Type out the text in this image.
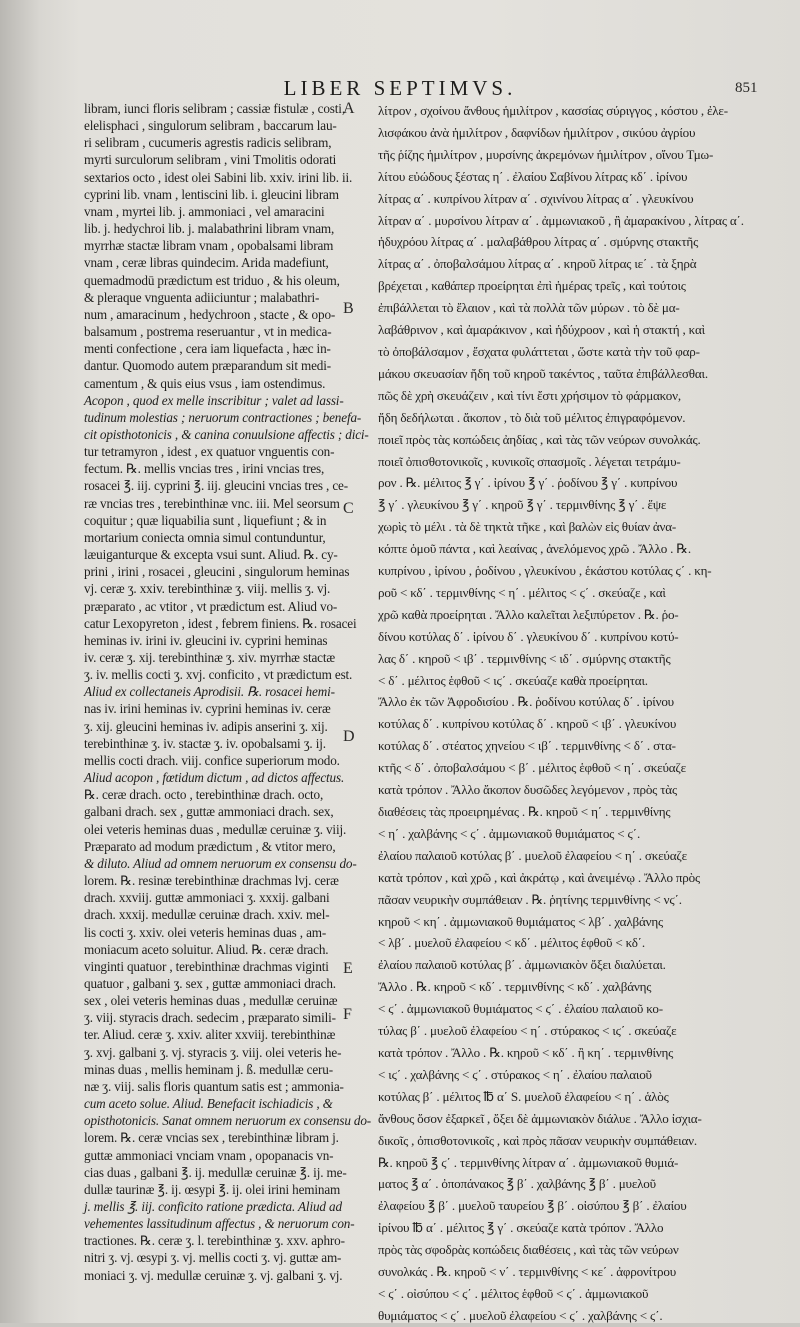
LIBER SEPTIMVS.	851
libram, iunci floris selibram ; cassiæ fistulæ , costi,
elelisphaci , singulorum selibram , baccarum lau-
ri selibram , cucumeris agrestis radicis selibram,
myrti surculorum selibram , vini Tmolitis odorati
sextarios octo , idest olei Sabini lib. xxiv. irini lib. ii.
cyprini lib. vnam , lentiscini lib. i. gleucini libram
vnam , myrtei lib. j. ammoniaci , vel amaracini
lib. j. hedychroi lib. j. malabathrini libram vnam,
myrrhæ stactæ libram vnam , opobalsami libram
vnam , ceræ libras quindecim. Arida madefiunt,
quemadmodū prædictum est triduo , & his oleum,
& pleraque vnguenta adiiciuntur ; malabathri-
num , amaracinum , hedychroon , stacte , & opo-
balsamum , postrema reseruantur , vt in medica-
menti confectione , cera iam liquefacta , hæc in-
dantur. Quomodo autem præparandum sit medi-
camentum , & quis eius vsus , iam ostendimus.
Acopon , quod ex melle inscribitur ; valet ad lassi-
tudinum molestias ; neruorum contractiones ; benefa-
cit opisthotonicis , & canina conuulsione affectis ; dici-
tur tetramyron , idest , ex quatuor vnguentis con-
fectum. ℞. mellis vncias tres , irini vncias tres,
rosacei ℥. iij. cyprini ℥. iij. gleucini vncias tres , ce-
ræ vncias tres , terebinthinæ vnc. iii. Mel seorsum
coquitur ; quæ liquabilia sunt , liquefiunt ; & in
mortarium coniecta omnia simul contunduntur,
læuiganturque & excepta vsui sunt. Aliud. ℞. cy-
prini , irini , rosacei , gleucini , singulorum heminas
vj. ceræ ʒ. xxiv. terebinthinæ ʒ. viij. mellis ʒ. vj.
præparato , ac vtitor , vt prædictum est. Aliud vo-
catur Lexopyreton , idest , febrem finiens. ℞. rosacei
heminas iv. irini iv. gleucini iv. cyprini heminas
iv. ceræ ʒ. xij. terebinthinæ ʒ. xiv. myrrhæ stactæ
ʒ. iv. mellis cocti ʒ. xvj. conficito , vt prædictum est.
Aliud ex collectaneis Aprodisii. ℞. rosacei hemi-
nas iv. irini heminas iv. cyprini heminas iv. ceræ
ʒ. xij. gleucini heminas iv. adipis anserini ʒ. xij.
terebinthinæ ʒ. iv. stactæ ʒ. iv. opobalsami ʒ. ij.
mellis cocti drach. viij. confice superiorum modo.
Aliud acopon , fœtidum dictum , ad dictos affectus.
℞. ceræ drach. octo , terebinthinæ drach. octo,
galbani drach. sex , guttæ ammoniaci drach. sex,
olei veteris heminas duas , medullæ ceruinæ ʒ. viij.
Præparato ad modum prædictum , & vtitor mero,
& diluto. Aliud ad omnem neruorum ex consensu do-
lorem. ℞. resinæ terebinthinæ drachmas lvj. ceræ
drach. xxviij. guttæ ammoniaci ʒ. xxxij. galbani
drach. xxxij. medullæ ceruinæ drach. xxiv. mel-
lis cocti ʒ. xxiv. olei veteris heminas duas , am-
moniacum aceto soluitur. Aliud. ℞. ceræ drach.
vinginti quatuor , terebinthinæ drachmas viginti
quatuor , galbani ʒ. sex , guttæ ammoniaci drach.
sex , olei veteris heminas duas , medullæ ceruinæ
ʒ. viij. styracis drach. sedecim , præparato simili-
ter. Aliud. ceræ ʒ. xxiv. aliter xxviij. terebinthinæ
ʒ. xvj. galbani ʒ. vj. styracis ʒ. viij. olei veteris he-
minas duas , mellis heminam j. ß. medullæ ceru-
næ ʒ. viij. salis floris quantum satis est ; ammonia-
cum aceto solue. Aliud. Benefacit ischiadicis , &
opisthotonicis. Sanat omnem neruorum ex consensu do-
lorem. ℞. ceræ vncias sex , terebinthinæ libram j.
guttæ ammoniaci vnciam vnam , opopanacis vn-
cias duas , galbani ℥. ij. medullæ ceruinæ ℥. ij. me-
dullæ taurinæ ℥. ij. œsypi ℥. ij. olei irini heminam
j. mellis ℥. iij. conficito ratione prædicta. Aliud ad
vehementes lassitudinum affectus , & neruorum con-
tractiones. ℞. ceræ ʒ. l. terebinthinæ ʒ. xxv. aphro-
nitri ʒ. vj. œsypi ʒ. vj. mellis cocti ʒ. vj. guttæ am-
moniaci ʒ. vj. medullæ ceruinæ ʒ. vj. galbani ʒ. vj.
λίτρον , σχοίνου ἄνθους ἡμιλίτρον , κασσίας σύριγγος , κόστου , ἐλε-
λισφάκου ἀνὰ ἡμιλίτρον , δαφνίδων ἡμιλίτρον , σικύου ἀγρίου
τῆς ῥίζης ἡμιλίτρον , μυρσίνης ἀκρεμόνων ἡμιλίτρον , οἴνου Τμω-
λίτου εὐώδους ξέστας η΄ . ἐλαίου Σαβίνου λίτρας κδ΄ . ἰρίνου
λίτρας α΄ . κυπρίνου λίτραν α΄ . σχινίνου λίτρας α΄ . γλευκίνου
λίτραν α΄ . μυρσίνου λίτραν α΄ . ἀμμωνιακοῦ , ἢ ἀμαρακίνου , λίτρας α΄.
ἡδυχρόου λίτρας α΄ . μαλαβάθρου λίτρας α΄ . σμύρνης στακτῆς
λίτρας α΄ . ὀποβαλσάμου λίτρας α΄ . κηροῦ λίτρας ιε΄ . τὰ ξηρὰ
βρέχεται , καθάπερ προείρηται ἐπὶ ἡμέρας τρεῖς , καὶ τούτοις
ἐπιβάλλεται τὸ ἔλαιον , καὶ τὰ πολλὰ τῶν μύρων . τὸ δὲ μα-
λαβάθρινον , καὶ ἀμαράκινον , καὶ ἡδύχροον , καὶ ἡ στακτή , καὶ
τὸ ὀποβάλσαμον , ἔσχατα φυλάττεται , ὥστε κατὰ τὴν τοῦ φαρ-
μάκου σκευασίαν ἤδη τοῦ κηροῦ τακέντος , ταῦτα ἐπιβάλλεσθαι.
πῶς δὲ χρὴ σκευάζειν , καὶ τίνι ἔστι χρήσιμον τὸ φάρμακον,
ἤδη δεδήλωται . ἄκοπον , τὸ διὰ τοῦ μέλιτος ἐπιγραφόμενον.
ποιεῖ πρὸς τὰς κοπώδεις ἀηδίας , καὶ τὰς τῶν νεύρων συνολκάς.
ποιεῖ ὀπισθοτονικοῖς , κυνικοῖς σπασμοῖς . λέγεται τετράμυ-
ρον . ℞. μέλιτος ℥ γ΄ . ἰρίνου ℥ γ΄ . ῥοδίνου ℥ γ΄ . κυπρίνου
℥ γ΄ . γλευκίνου ℥ γ΄ . κηροῦ ℥ γ΄ . τερμινθίνης ℥ γ΄ . ἕψε
χωρὶς τὸ μέλι . τὰ δὲ τηκτὰ τῆκε , καὶ βαλὼν εἰς θυίαν ἀνα-
κόπτε ὁμοῦ πάντα , καὶ λεαίνας , ἀνελόμενος χρῶ . Ἄλλο . ℞.
κυπρίνου , ἰρίνου , ῥοδίνου , γλευκίνου , ἑκάστου κοτύλας ϛ΄ . κη-
ροῦ < κδ΄ . τερμινθίνης < η΄ . μέλιτος < ϛ΄ . σκεύαζε , καὶ
χρῶ καθὰ προείρηται . Ἄλλο καλεῖται λεξιπύρετον . ℞. ῥο-
δίνου κοτύλας δ΄ . ἰρίνου δ΄ . γλευκίνου δ΄ . κυπρίνου κοτύ-
λας δ΄ . κηροῦ < ιβ΄ . τερμινθίνης < ιδ΄ . σμύρνης στακτῆς
< δ΄ . μέλιτος ἑφθοῦ < ιϛ΄ . σκεύαζε καθὰ προείρηται.
Ἄλλο ἐκ τῶν Ἀφροδισίου . ℞. ῥοδίνου κοτύλας δ΄ . ἰρίνου
κοτύλας δ΄ . κυπρίνου κοτύλας δ΄ . κηροῦ < ιβ΄ . γλευκίνου
κοτύλας δ΄ . στέατος χηνείου < ιβ΄ . τερμινθίνης < δ΄ . στα-
κτῆς < δ΄ . ὀποβαλσάμου < β΄ . μέλιτος ἑφθοῦ < η΄ . σκεύαζε
κατὰ τρόπον . Ἄλλο ἄκοπον δυσῶδες λεγόμενον , πρὸς τὰς
διαθέσεις τὰς προειρημένας . ℞. κηροῦ < η΄ . τερμινθίνης
< η΄ . χαλβάνης < ϛ΄ . ἀμμωνιακοῦ θυμιάματος < ϛ΄.
ἐλαίου παλαιοῦ κοτύλας β΄ . μυελοῦ ἐλαφείου < η΄ . σκεύαζε
κατὰ τρόπον , καὶ χρῶ , καὶ ἀκράτῳ , καὶ ἀνειμένῳ . Ἄλλο πρὸς
πᾶσαν νευρικὴν συμπάθειαν . ℞. ῥητίνης τερμινθίνης < νϛ΄.
κηροῦ < κη΄ . ἀμμωνιακοῦ θυμιάματος < λβ΄ . χαλβάνης
< λβ΄ . μυελοῦ ἐλαφείου < κδ΄ . μέλιτος ἑφθοῦ < κδ΄.
ἐλαίου παλαιοῦ κοτύλας β΄ . ἀμμωνιακὸν ὄξει διαλύεται.
Ἄλλο . ℞. κηροῦ < κδ΄ . τερμινθίνης < κδ΄ . χαλβάνης
< ϛ΄ . ἀμμωνιακοῦ θυμιάματος < ϛ΄ . ἐλαίου παλαιοῦ κο-
τύλας β΄ . μυελοῦ ἐλαφείου < η΄ . στύρακος < ιϛ΄ . σκεύαζε
κατὰ τρόπον . Ἄλλο . ℞. κηροῦ < κδ΄ . ἢ κη΄ . τερμινθίνης
< ιϛ΄ . χαλβάνης < ϛ΄ . στύρακος < η΄ . ἐλαίου παλαιοῦ
κοτύλας β΄ . μέλιτος ℔ α΄ S. μυελοῦ ἐλαφείου < η΄ . ἁλὸς
ἄνθους ὅσον ἐξαρκεῖ , ὄξει δὲ ἀμμωνιακὸν διάλυε . Ἄλλο ἰσχια-
δικοῖς , ὀπισθοτονικοῖς , καὶ πρὸς πᾶσαν νευρικὴν συμπάθειαν.
℞. κηροῦ ℥ ϛ΄ . τερμινθίνης λίτραν α΄ . ἀμμωνιακοῦ θυμιά-
ματος ℥ α΄ . ὀποπάνακος ℥ β΄ . χαλβάνης ℥ β΄ . μυελοῦ
ἐλαφείου ℥ β΄ . μυελοῦ ταυρείου ℥ β΄ . οἰσύπου ℥ β΄ . ἐλαίου
ἰρίνου ℔ α΄ . μέλιτος ℥ γ΄ . σκεύαζε κατὰ τρόπον . Ἄλλο
πρὸς τὰς σφοδρὰς κοπώδεις διαθέσεις , καὶ τὰς τῶν νεύρων
συνολκάς . ℞. κηροῦ < ν΄ . τερμινθίνης < κε΄ . ἀφρονίτρου
< ϛ΄ . οἰσύπου < ϛ΄ . μέλιτος ἑφθοῦ < ϛ΄ . ἀμμωνιακοῦ
θυμιάματος < ϛ΄ . μυελοῦ ἐλαφείου < ϛ΄ . χαλβάνης < ϛ΄.
A
B
C
D
E
F
